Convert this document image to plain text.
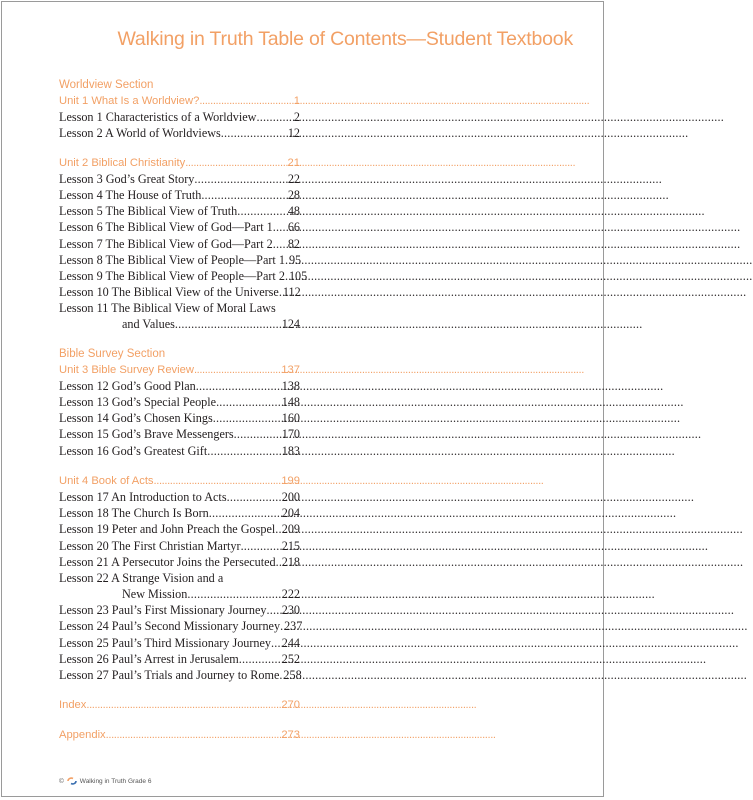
Walking in Truth Table of Contents—Student Textbook
Worldview Section
Unit 1 What Is a Worldview? .....	1
Lesson 1 Characteristics of a Worldview .....	2
Lesson 2 A World of Worldviews .....	12
Unit 2 Biblical Christianity .....	21
Lesson 3 God’s Great Story .....	22
Lesson 4 The House of Truth .....	28
Lesson 5 The Biblical View of Truth .....	48
Lesson 6 The Biblical View of God—Part 1 ..... 66
Lesson 7 The Biblical View of God—Part 2 ..... 82
Lesson 8 The Biblical View of People—Part 1 ..... 95
Lesson 9 The Biblical View of People—Part 2 ..... 105
Lesson 10 The Biblical View of the Universe ..... 112
Lesson 11 The Biblical View of Moral Laws
and Values .....	124
Bible Survey Section
Unit 3 Bible Survey Review .....	137
Lesson 12 God’s Good Plan .....	138
Lesson 13 God’s Special People .....	148
Lesson 14 God’s Chosen Kings .....	160
Lesson 15 God’s Brave Messengers .....	170
Lesson 16 God’s Greatest Gift .....	183
Unit 4 Book of Acts .....	199
Lesson 17 An Introduction to Acts .....	200
Lesson 18 The Church Is Born .....	204
Lesson 19 Peter and John Preach the Gospel ..... 209
Lesson 20 The First Christian Martyr .....	215
Lesson 21 A Persecutor Joins the Persecuted ..... 218
Lesson 22 A Strange Vision and a
New Mission .....	222
Lesson 23 Paul’s First Missionary Journey ..... 230
Lesson 24 Paul’s Second Missionary Journey ..... 237
Lesson 25 Paul’s Third Missionary Journey ..... 244
Lesson 26 Paul’s Arrest in Jerusalem .....	252
Lesson 27 Paul’s Trials and Journey to Rome ..... 258
Index .....	270
Appendix .....	273
© Walking in Truth Grade 6
